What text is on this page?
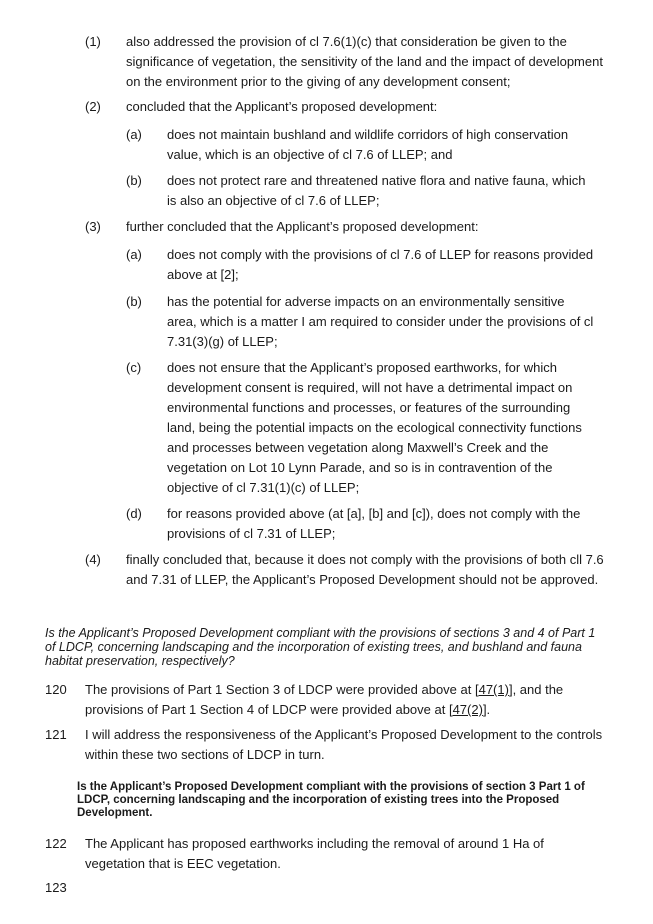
(1) also addressed the provision of cl 7.6(1)(c) that consideration be given to the significance of vegetation, the sensitivity of the land and the impact of development on the environment prior to the giving of any development consent;
(2) concluded that the Applicant’s proposed development:
(a) does not maintain bushland and wildlife corridors of high conservation value, which is an objective of cl 7.6 of LLEP; and
(b) does not protect rare and threatened native flora and native fauna, which is also an objective of cl 7.6 of LLEP;
(3) further concluded that the Applicant’s proposed development:
(a) does not comply with the provisions of cl 7.6 of LLEP for reasons provided above at [2];
(b) has the potential for adverse impacts on an environmentally sensitive area, which is a matter I am required to consider under the provisions of cl 7.31(3)(g) of LLEP;
(c) does not ensure that the Applicant’s proposed earthworks, for which development consent is required, will not have a detrimental impact on environmental functions and processes, or features of the surrounding land, being the potential impacts on the ecological connectivity functions and processes between vegetation along Maxwell’s Creek and the vegetation on Lot 10 Lynn Parade, and so is in contravention of the objective of cl 7.31(1)(c) of LLEP;
(d) for reasons provided above (at [a], [b] and [c]), does not comply with the provisions of cl 7.31 of LLEP;
(4) finally concluded that, because it does not comply with the provisions of both cll 7.6 and 7.31 of LLEP, the Applicant’s Proposed Development should not be approved.
Is the Applicant’s Proposed Development compliant with the provisions of sections 3 and 4 of Part 1 of LDCP, concerning landscaping and the incorporation of existing trees, and bushland and fauna habitat preservation, respectively?
120 The provisions of Part 1 Section 3 of LDCP were provided above at [47(1)], and the provisions of Part 1 Section 4 of LDCP were provided above at [47(2)].
121 I will address the responsiveness of the Applicant’s Proposed Development to the controls within these two sections of LDCP in turn.
Is the Applicant’s Proposed Development compliant with the provisions of section 3 Part 1 of LDCP, concerning landscaping and the incorporation of existing trees into the Proposed Development.
122 The Applicant has proposed earthworks including the removal of around 1 Ha of vegetation that is EEC vegetation.
123
